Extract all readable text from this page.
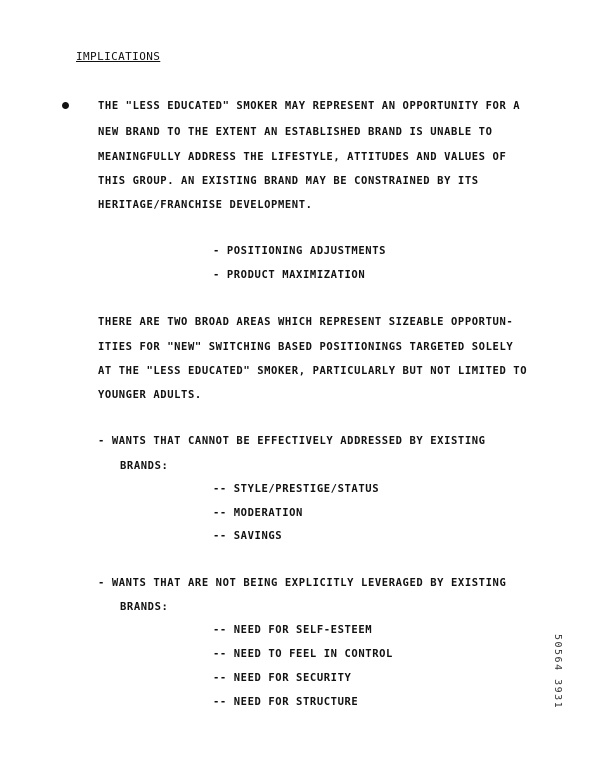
IMPLICATIONS
THE "LESS EDUCATED" SMOKER MAY REPRESENT AN OPPORTUNITY FOR A
NEW BRAND TO THE EXTENT AN ESTABLISHED BRAND IS UNABLE TO
MEANINGFULLY ADDRESS THE LIFESTYLE, ATTITUDES AND VALUES OF
THIS GROUP. AN EXISTING BRAND MAY BE CONSTRAINED BY ITS
HERITAGE/FRANCHISE DEVELOPMENT.
- POSITIONING ADJUSTMENTS
- PRODUCT MAXIMIZATION
THERE ARE TWO BROAD AREAS WHICH REPRESENT SIZEABLE OPPORTUN-
ITIES FOR "NEW" SWITCHING BASED POSITIONINGS TARGETED SOLELY
AT THE "LESS EDUCATED" SMOKER, PARTICULARLY BUT NOT LIMITED TO
YOUNGER ADULTS.
- WANTS THAT CANNOT BE EFFECTIVELY ADDRESSED BY EXISTING
BRANDS:
-- STYLE/PRESTIGE/STATUS
-- MODERATION
-- SAVINGS
- WANTS THAT ARE NOT BEING EXPLICITLY LEVERAGED BY EXISTING
BRANDS:
-- NEED FOR SELF-ESTEEM
-- NEED TO FEEL IN CONTROL
-- NEED FOR SECURITY
-- NEED FOR STRUCTURE	50564 3931
